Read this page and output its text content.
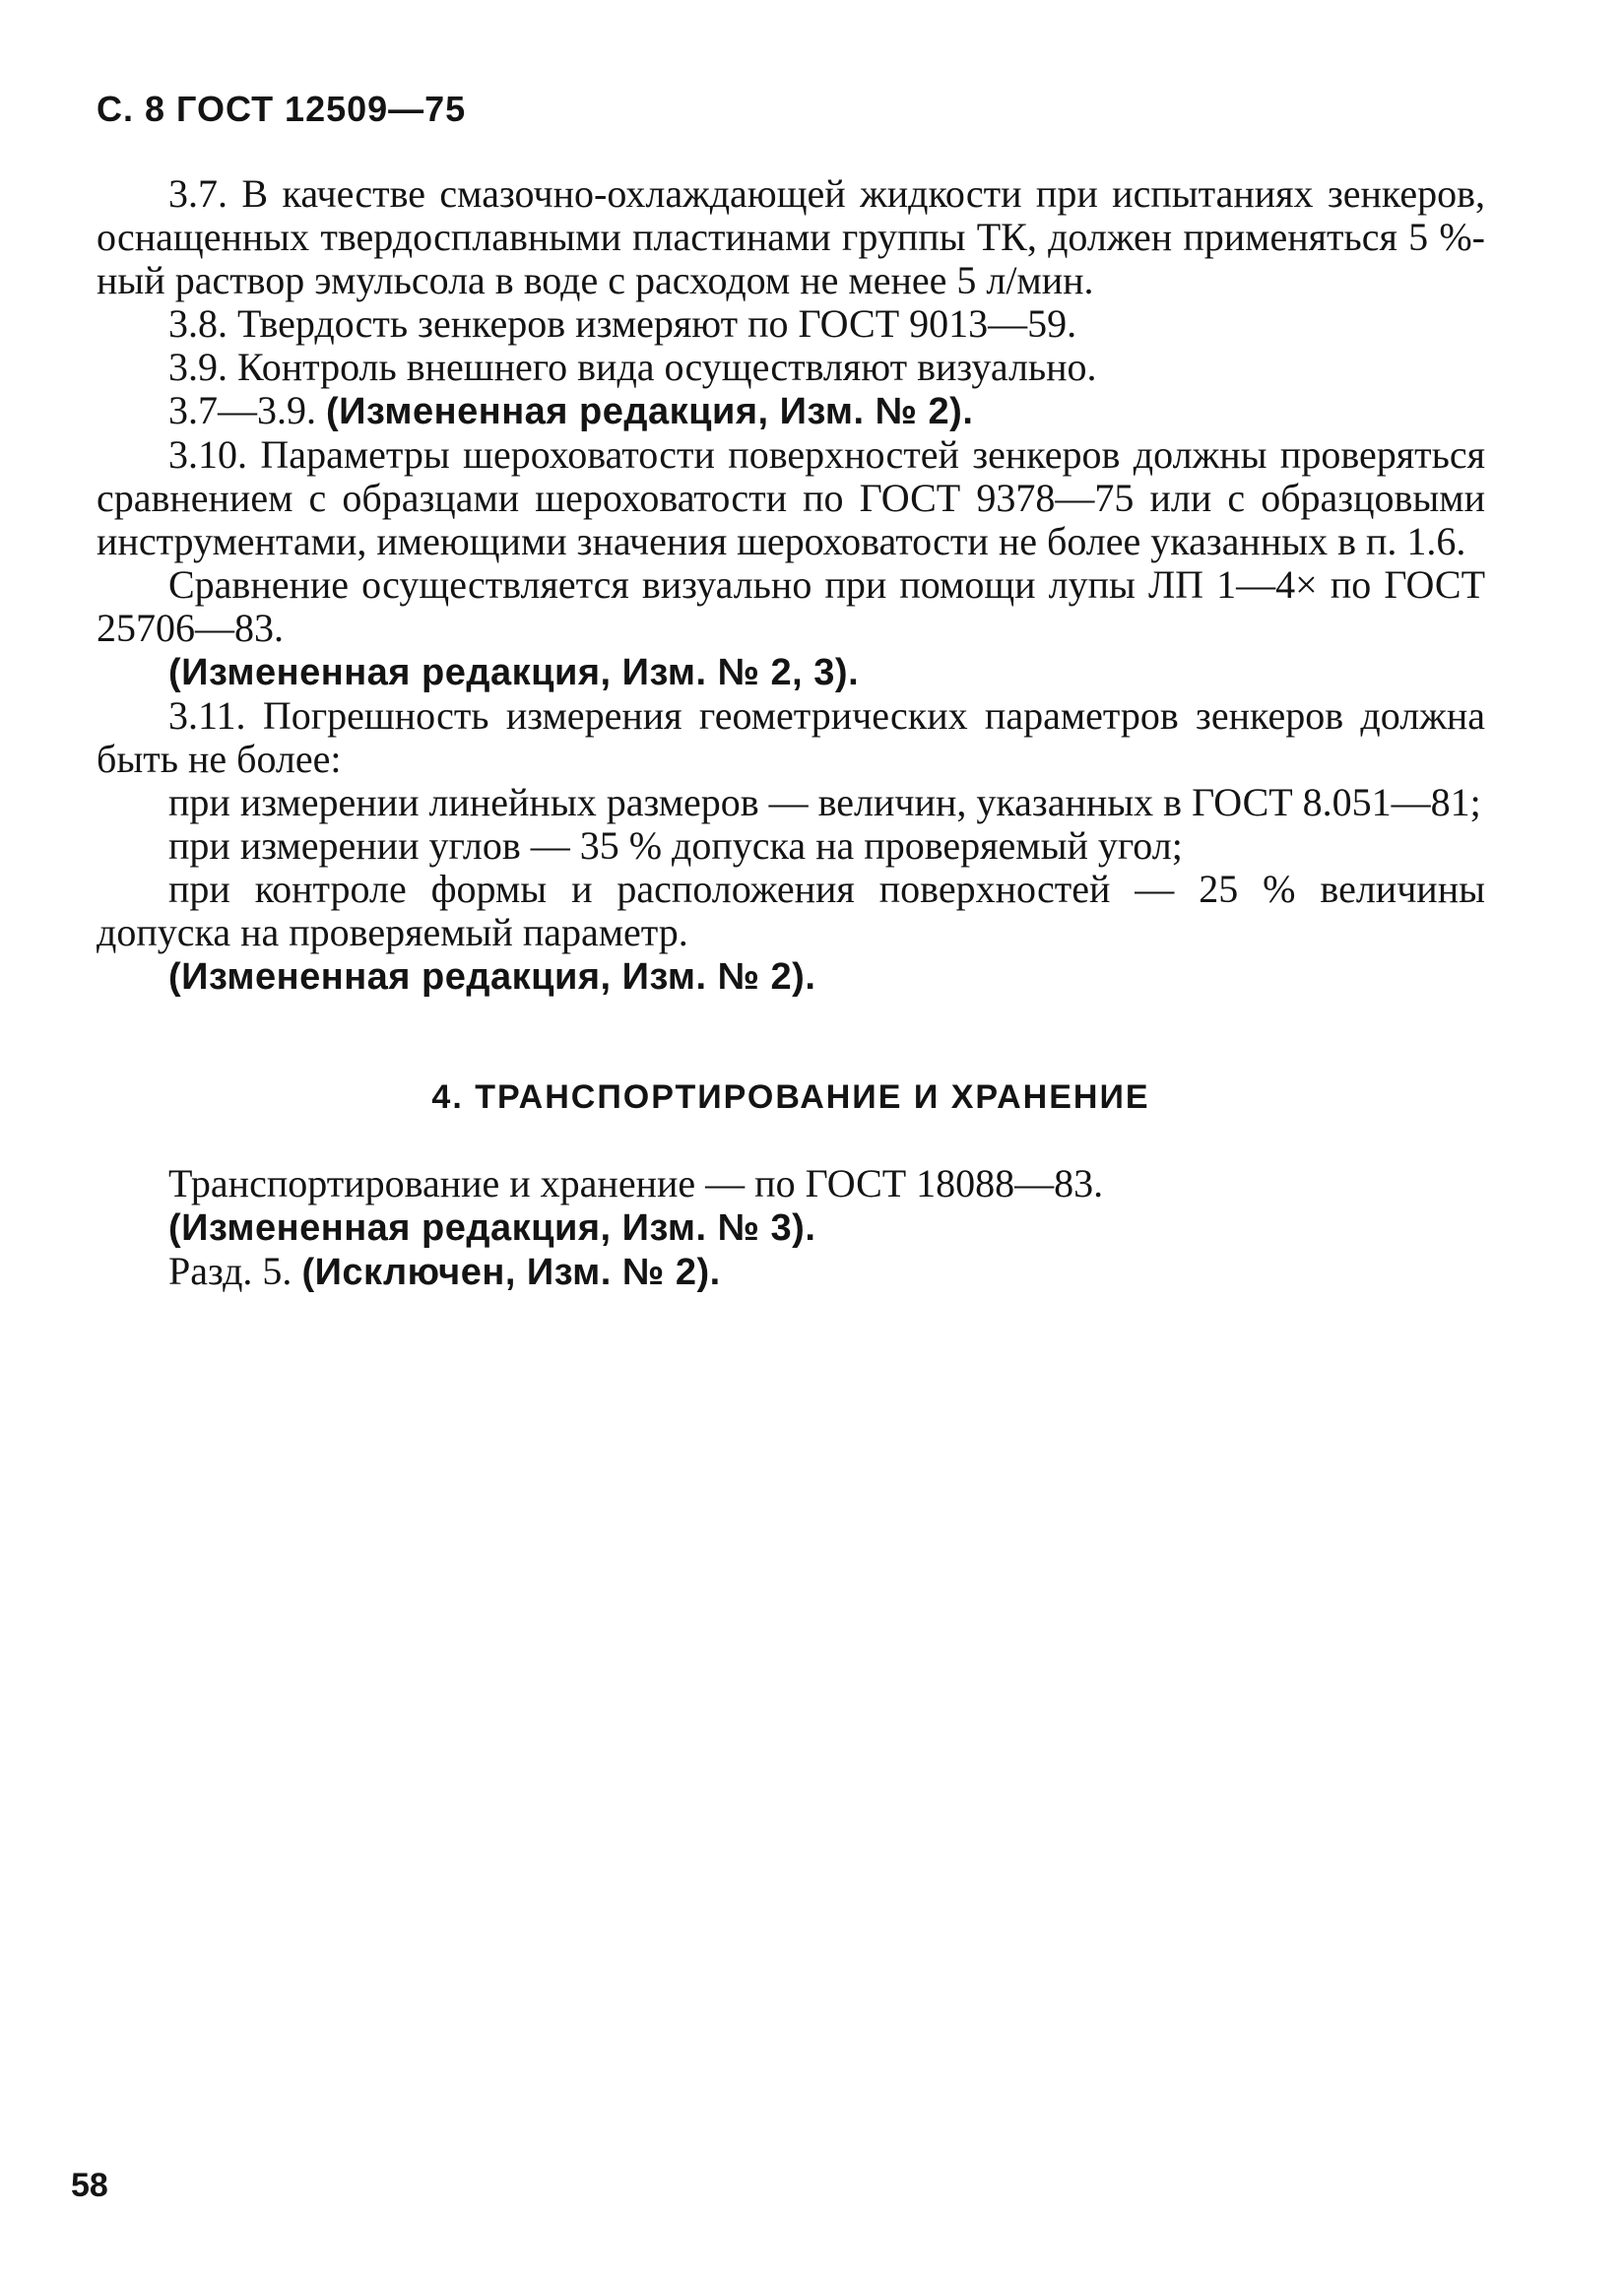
С. 8 ГОСТ 12509—75

3.7. В качестве смазочно-охлаждающей жидкости при испытаниях зенкеров, оснащенных твердосплавными пластинами группы ТК, должен применяться 5 %-ный раствор эмульсола в воде с расходом не менее 5 л/мин.

3.8. Твердость зенкеров измеряют по ГОСТ 9013—59.

3.9. Контроль внешнего вида осуществляют визуально.

3.7—3.9. (Измененная редакция, Изм. № 2).

3.10. Параметры шероховатости поверхностей зенкеров должны проверяться сравнением с образцами шероховатости по ГОСТ 9378—75 или с образцовыми инструментами, имеющими значения шероховатости не более указанных в п. 1.6.

Сравнение осуществляется визуально при помощи лупы ЛП 1—4× по ГОСТ 25706—83.

(Измененная редакция, Изм. № 2, 3).

3.11. Погрешность измерения геометрических параметров зенкеров должна быть не более:

при измерении линейных размеров — величин, указанных в ГОСТ 8.051—81;

при измерении углов — 35 % допуска на проверяемый угол;

при контроле формы и расположения поверхностей — 25 % величины допуска на проверяемый параметр.

(Измененная редакция, Изм. № 2).

4. ТРАНСПОРТИРОВАНИЕ И ХРАНЕНИЕ

Транспортирование и хранение — по ГОСТ 18088—83.

(Измененная редакция, Изм. № 3).

Разд. 5. (Исключен, Изм. № 2).

58
